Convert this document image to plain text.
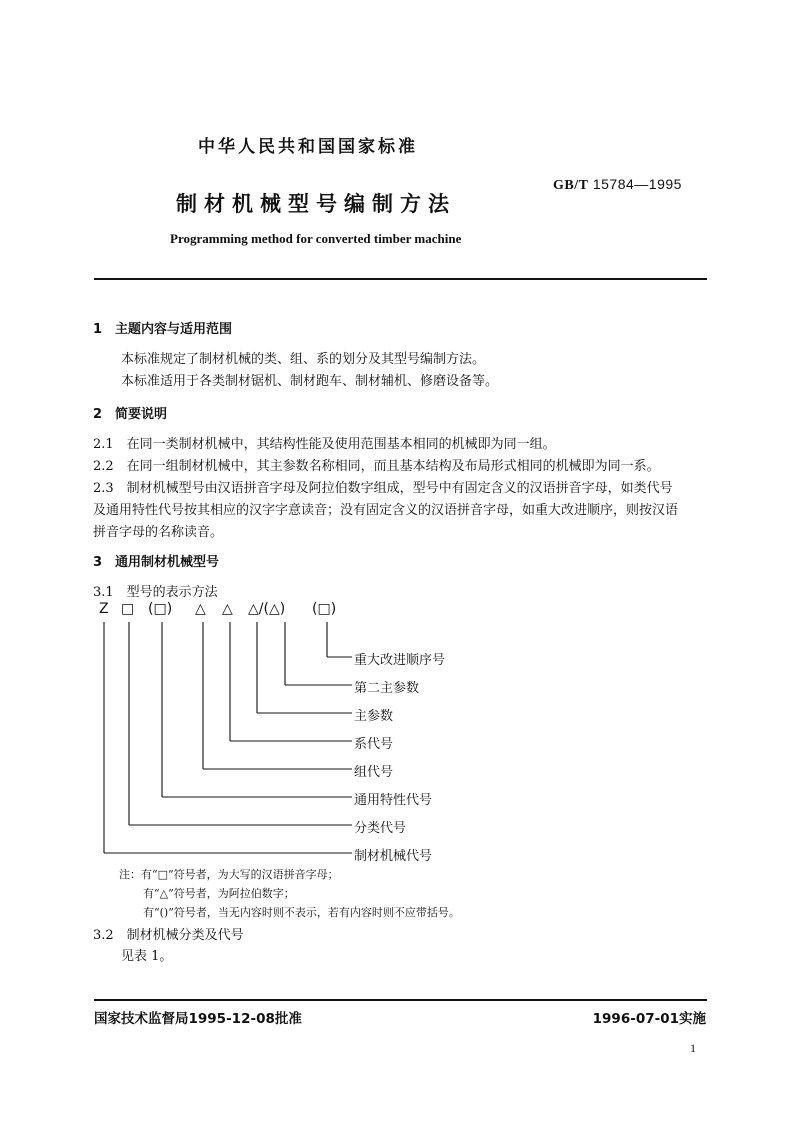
中华人民共和国国家标准
GB/T 15784—1995
制材机械型号编制方法
Programming method for converted timber machine
1　主题内容与适用范围
本标准规定了制材机械的类、组、系的划分及其型号编制方法。
本标准适用于各类制材锯机、制材跑车、制材辅机、修磨设备等。
2　简要说明
2.1　在同一类制材机械中，其结构性能及使用范围基本相同的机械即为同一组。
2.2　在同一组制材机械中，其主参数名称相同，而且基本结构及布局形式相同的机械即为同一系。
2.3　制材机械型号由汉语拼音字母及阿拉伯数字组成，型号中有固定含义的汉语拼音字母，如类代号
及通用特性代号按其相应的汉字字意读音；没有固定含义的汉语拼音字母，如重大改进顺序，则按汉语
拼音字母的名称读音。
3　通用制材机械型号
3.1　型号的表示方法
Z □ (□) △ △ △/(△) (□)
重大改进顺序号
第二主参数
主参数
系代号
组代号
通用特性代号
分类代号
制材机械代号
注：有“□”符号者，为大写的汉语拼音字母；
有“△”符号者，为阿拉伯数字；
有“()”符号者，当无内容时则不表示，若有内容时则不应带括号。
3.2　制材机械分类及代号
见表 1。
国家技术监督局1995-12-08批准	1996-07-01实施
1
